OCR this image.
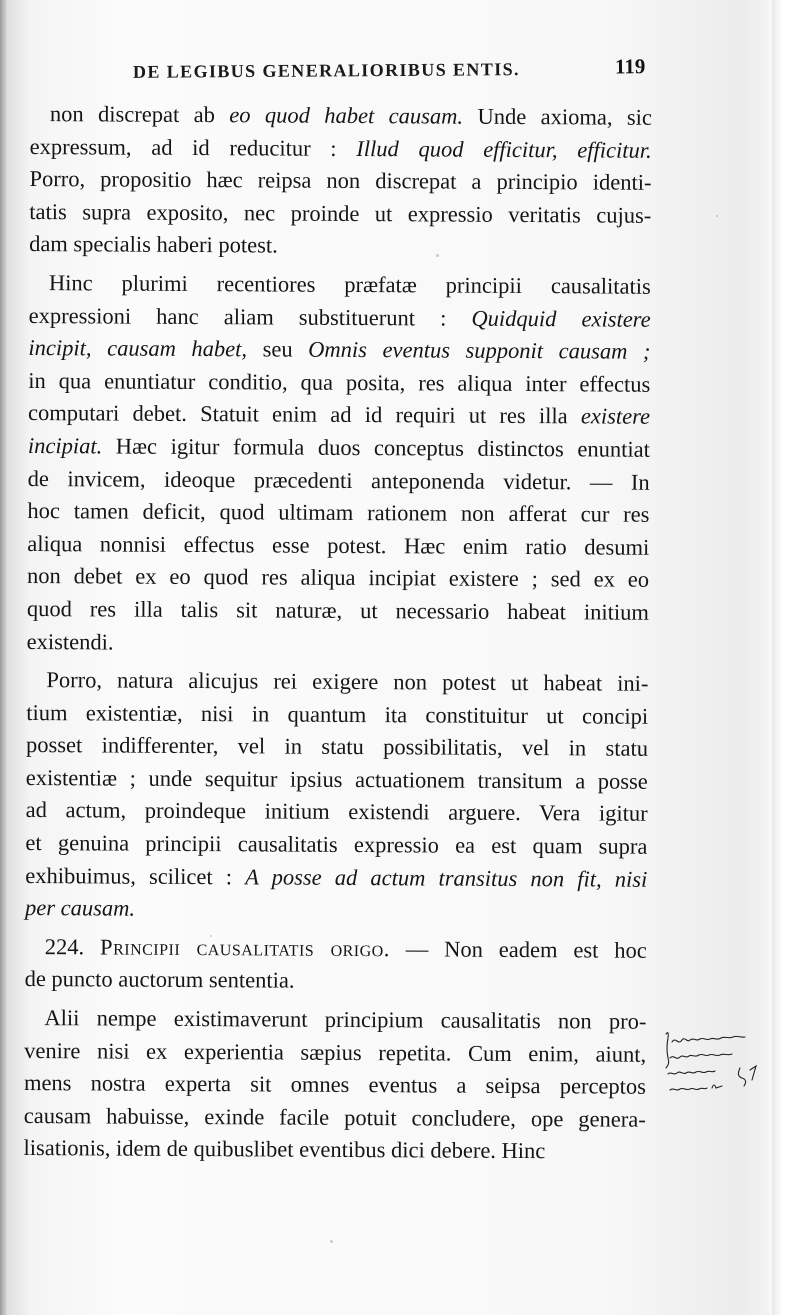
DE LEGIBUS GENERALIORIBUS ENTIS.	119
non discrepat ab eo quod habet causam. Unde axioma, sic
expressum, ad id reducitur : Illud quod efficitur, efficitur.
Porro, propositio hæc reipsa non discrepat a principio identi-
tatis supra exposito, nec proinde ut expressio veritatis cujus-
dam specialis haberi potest.
Hinc plurimi recentiores præfatæ principii causalitatis
expressioni hanc aliam substituerunt : Quidquid existere
incipit, causam habet, seu Omnis eventus supponit causam ;
in qua enuntiatur conditio, qua posita, res aliqua inter effectus
computari debet. Statuit enim ad id requiri ut res illa existere
incipiat. Hæc igitur formula duos conceptus distinctos enuntiat
de invicem, ideoque præcedenti anteponenda videtur. — In
hoc tamen deficit, quod ultimam rationem non afferat cur res
aliqua nonnisi effectus esse potest. Hæc enim ratio desumi
non debet ex eo quod res aliqua incipiat existere ; sed ex eo
quod res illa talis sit naturæ, ut necessario habeat initium
existendi.
Porro, natura alicujus rei exigere non potest ut habeat ini-
tium existentiæ, nisi in quantum ita constituitur ut concipi
posset indifferenter, vel in statu possibilitatis, vel in statu
existentiæ ; unde sequitur ipsius actuationem transitum a posse
ad actum, proindeque initium existendi arguere. Vera igitur
et genuina principii causalitatis expressio ea est quam supra
exhibuimus, scilicet : A posse ad actum transitus non fit, nisi
per causam.
224. Principii causalitatis origo. — Non eadem est hoc
de puncto auctorum sententia.
Alii nempe existimaverunt principium causalitatis non pro-
venire nisi ex experientia sæpius repetita. Cum enim, aiunt,
mens nostra experta sit omnes eventus a seipsa perceptos
causam habuisse, exinde facile potuit concludere, ope genera-
lisationis, idem de quibuslibet eventibus dici debere. Hinc
